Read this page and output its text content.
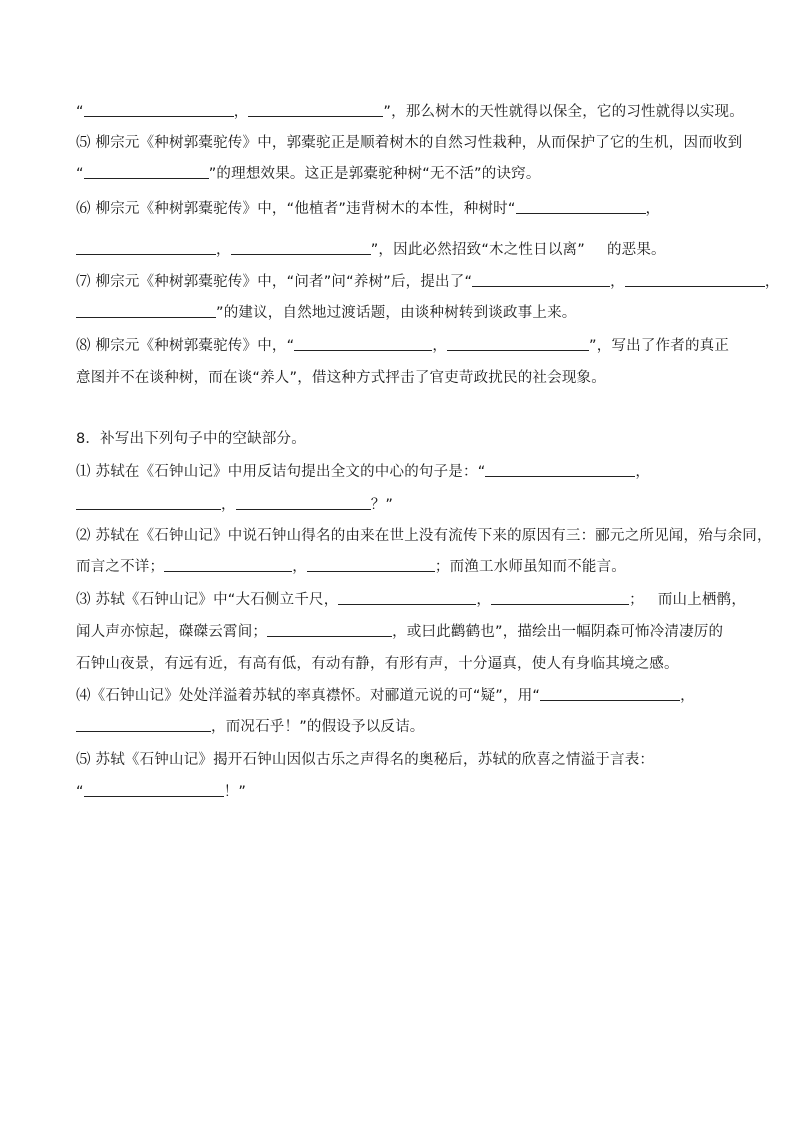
“	，	”，那么树木的天性就得以保全，它的习性就得以实现。
⑸ 柳宗元《种树郭橐驼传》中，郭橐驼正是顺着树木的自然习性栽种，从而保护了它的生机，因而收到
“	”的理想效果。这正是郭橐驼种树“无不活”的诀窍。
⑹ 柳宗元《种树郭橐驼传》中，“他植者”违背树木的本性，种树时“	，
，	”，因此必然招致“木之性日以离” 的恶果。
⑺ 柳宗元《种树郭橐驼传》中，“问者”问“养树”后，提出了“	，	，
”的建议，自然地过渡话题，由谈种树转到谈政事上来。
⑻ 柳宗元《种树郭橐驼传》中，“	，	”，写出了作者的真正
意图并不在谈种树，而在谈“养人”，借这种方式抨击了官吏苛政扰民的社会现象。
8．补写出下列句子中的空缺部分。
⑴ 苏轼在《石钟山记》中用反诘句提出全文的中心的句子是：“	，
，	？”
⑵ 苏轼在《石钟山记》中说石钟山得名的由来在世上没有流传下来的原因有三：郦元之所见闻，殆与余同，
而言之不详；	，	；而渔工水师虽知而不能言。
⑶ 苏轼《石钟山记》中“大石侧立千尺，	，	； 而山上栖鹘，
闻人声亦惊起，磔磔云霄间；	，或曰此鹳鹤也”，描绘出一幅阴森可怖冷清凄厉的
石钟山夜景，有远有近，有高有低，有动有静，有形有声，十分逼真，使人有身临其境之感。
⑷《石钟山记》处处洋溢着苏轼的率真襟怀。对郦道元说的可“疑”，用“	，
，而况石乎！”的假设予以反诘。
⑸ 苏轼《石钟山记》揭开石钟山因似古乐之声得名的奥秘后，苏轼的欣喜之情溢于言表：
“	！”
